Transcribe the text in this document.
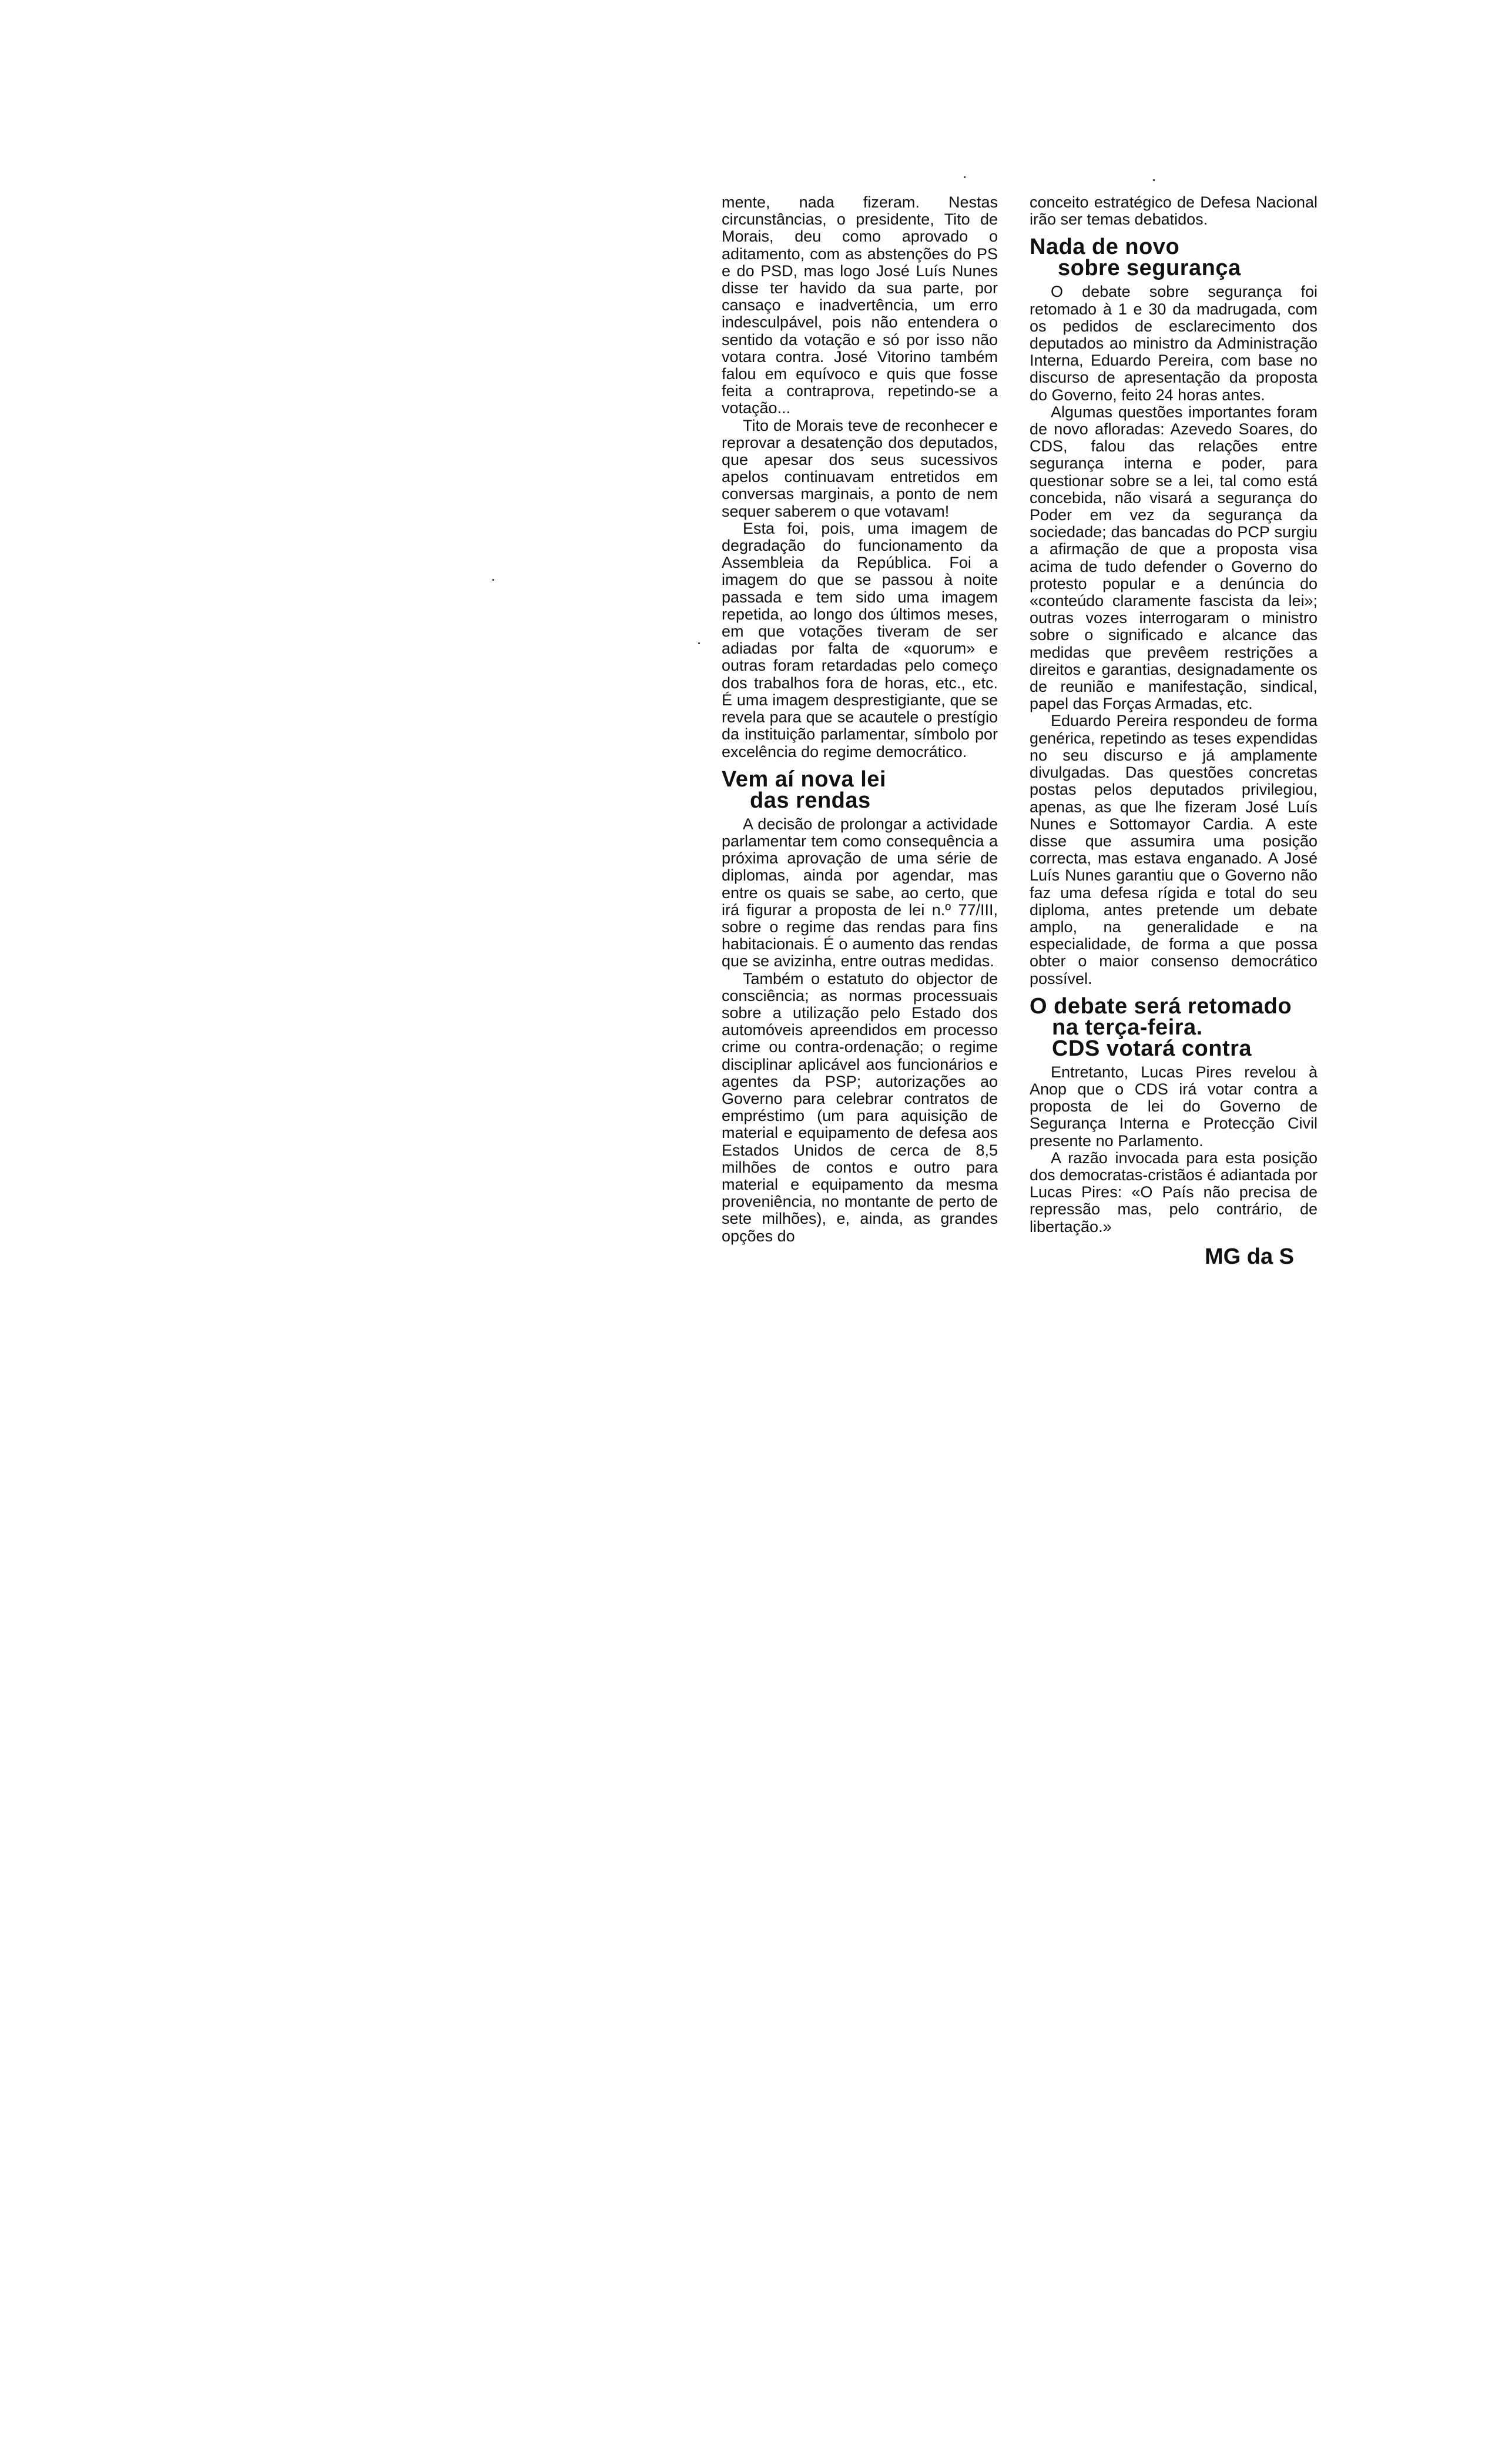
mente, nada fizeram. Nestas circunstâncias, o presidente, Tito de Morais, deu como aprovado o aditamento, com as abstenções do PS e do PSD, mas logo José Luís Nunes disse ter havido da sua parte, por cansaço e inadvertência, um erro indesculpável, pois não entendera o sentido da votação e só por isso não votara contra. José Vitorino também falou em equívoco e quis que fosse feita a contraprova, repetindo-se a votação...

Tito de Morais teve de reconhecer e reprovar a desatenção dos deputados, que apesar dos seus sucessivos apelos continuavam entretidos em conversas marginais, a ponto de nem sequer saberem o que votavam!

Esta foi, pois, uma imagem de degradação do funcionamento da Assembleia da República. Foi a imagem do que se passou à noite passada e tem sido uma imagem repetida, ao longo dos últimos meses, em que votações tiveram de ser adiadas por falta de «quorum» e outras foram retardadas pelo começo dos trabalhos fora de horas, etc., etc. É uma imagem desprestigiante, que se revela para que se acautele o prestígio da instituição parlamentar, símbolo por excelência do regime democrático.

Vem aí nova lei
das rendas

A decisão de prolongar a actividade parlamentar tem como consequência a próxima aprovação de uma série de diplomas, ainda por agendar, mas entre os quais se sabe, ao certo, que irá figurar a proposta de lei n.º 77/III, sobre o regime das rendas para fins habitacionais. É o aumento das rendas que se avizinha, entre outras medidas.

Também o estatuto do objector de consciência; as normas processuais sobre a utilização pelo Estado dos automóveis apreendidos em processo crime ou contra-ordenação; o regime disciplinar aplicável aos funcionários e agentes da PSP; autorizações ao Governo para celebrar contratos de empréstimo (um para aquisição de material e equipamento de defesa aos Estados Unidos de cerca de 8,5 milhões de contos e outro para material e equipamento da mesma proveniência, no montante de perto de sete milhões), e, ainda, as grandes opções do

conceito estratégico de Defesa Nacional irão ser temas debatidos.

Nada de novo
sobre segurança

O debate sobre segurança foi retomado à 1 e 30 da madrugada, com os pedidos de esclarecimento dos deputados ao ministro da Administração Interna, Eduardo Pereira, com base no discurso de apresentação da proposta do Governo, feito 24 horas antes.

Algumas questões importantes foram de novo afloradas: Azevedo Soares, do CDS, falou das relações entre segurança interna e poder, para questionar sobre se a lei, tal como está concebida, não visará a segurança do Poder em vez da segurança da sociedade; das bancadas do PCP surgiu a afirmação de que a proposta visa acima de tudo defender o Governo do protesto popular e a denúncia do «conteúdo claramente fascista da lei»; outras vozes interrogaram o ministro sobre o significado e alcance das medidas que prevêem restrições a direitos e garantias, designadamente os de reunião e manifestação, sindical, papel das Forças Armadas, etc.

Eduardo Pereira respondeu de forma genérica, repetindo as teses expendidas no seu discurso e já amplamente divulgadas. Das questões concretas postas pelos deputados privilegiou, apenas, as que lhe fizeram José Luís Nunes e Sottomayor Cardia. A este disse que assumira uma posição correcta, mas estava enganado. A José Luís Nunes garantiu que o Governo não faz uma defesa rígida e total do seu diploma, antes pretende um debate amplo, na generalidade e na especialidade, de forma a que possa obter o maior consenso democrático possível.

O debate será retomado
na terça-feira.
CDS votará contra

Entretanto, Lucas Pires revelou à Anop que o CDS irá votar contra a proposta de lei do Governo de Segurança Interna e Protecção Civil presente no Parlamento.

A razão invocada para esta posição dos democratas-cristãos é adiantada por Lucas Pires: «O País não precisa de repressão mas, pelo contrário, de libertação.»

MG da S
